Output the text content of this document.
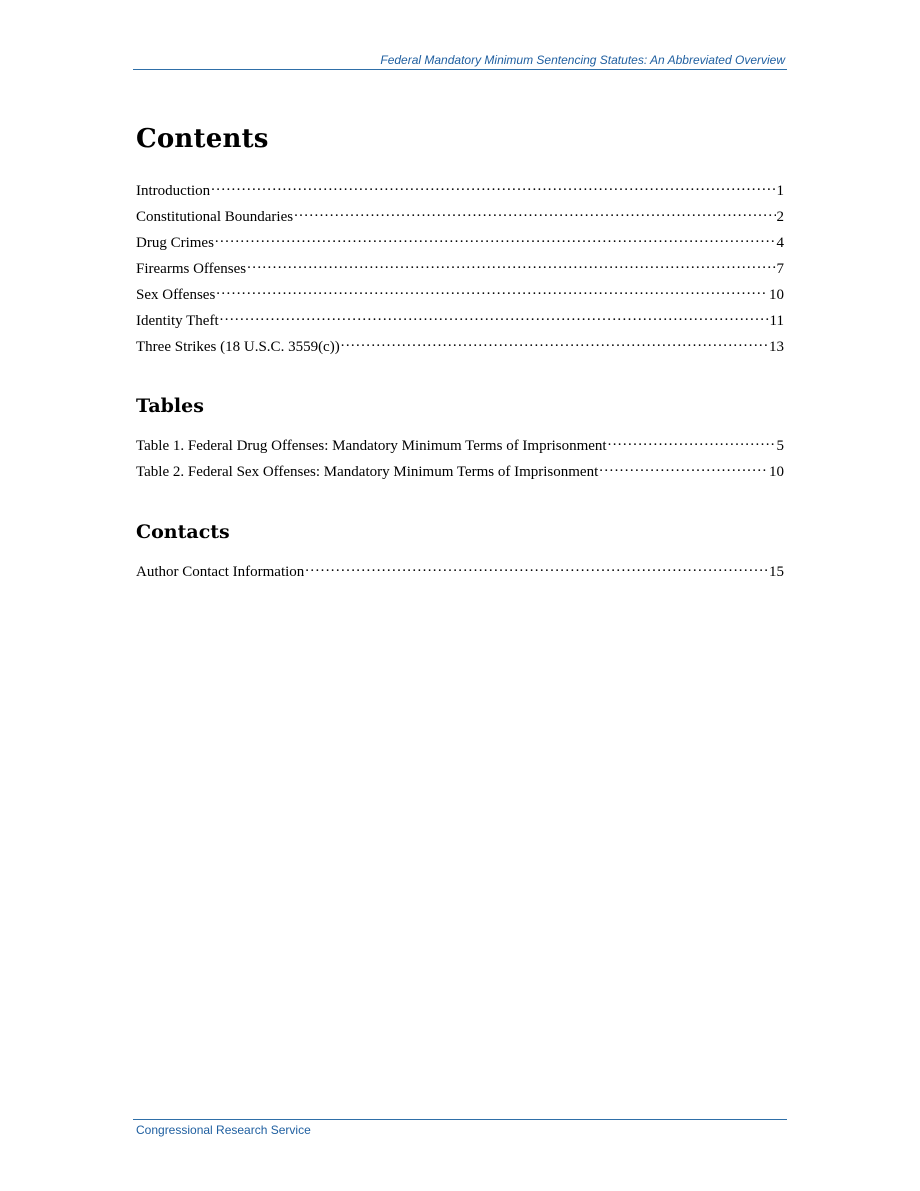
Federal Mandatory Minimum Sentencing Statutes: An Abbreviated Overview
Contents
Introduction . . .	1
Constitutional Boundaries . . .	2
Drug Crimes . . .	4
Firearms Offenses . . .	7
Sex Offenses . . .	10
Identity Theft . . .	11
Three Strikes (18 U.S.C. 3559(c)) . . .	13
Tables
Table 1. Federal Drug Offenses: Mandatory Minimum Terms of Imprisonment . . .	5
Table 2. Federal Sex Offenses: Mandatory Minimum Terms of Imprisonment . . .	10
Contacts
Author Contact Information . . .	15
Congressional Research Service
